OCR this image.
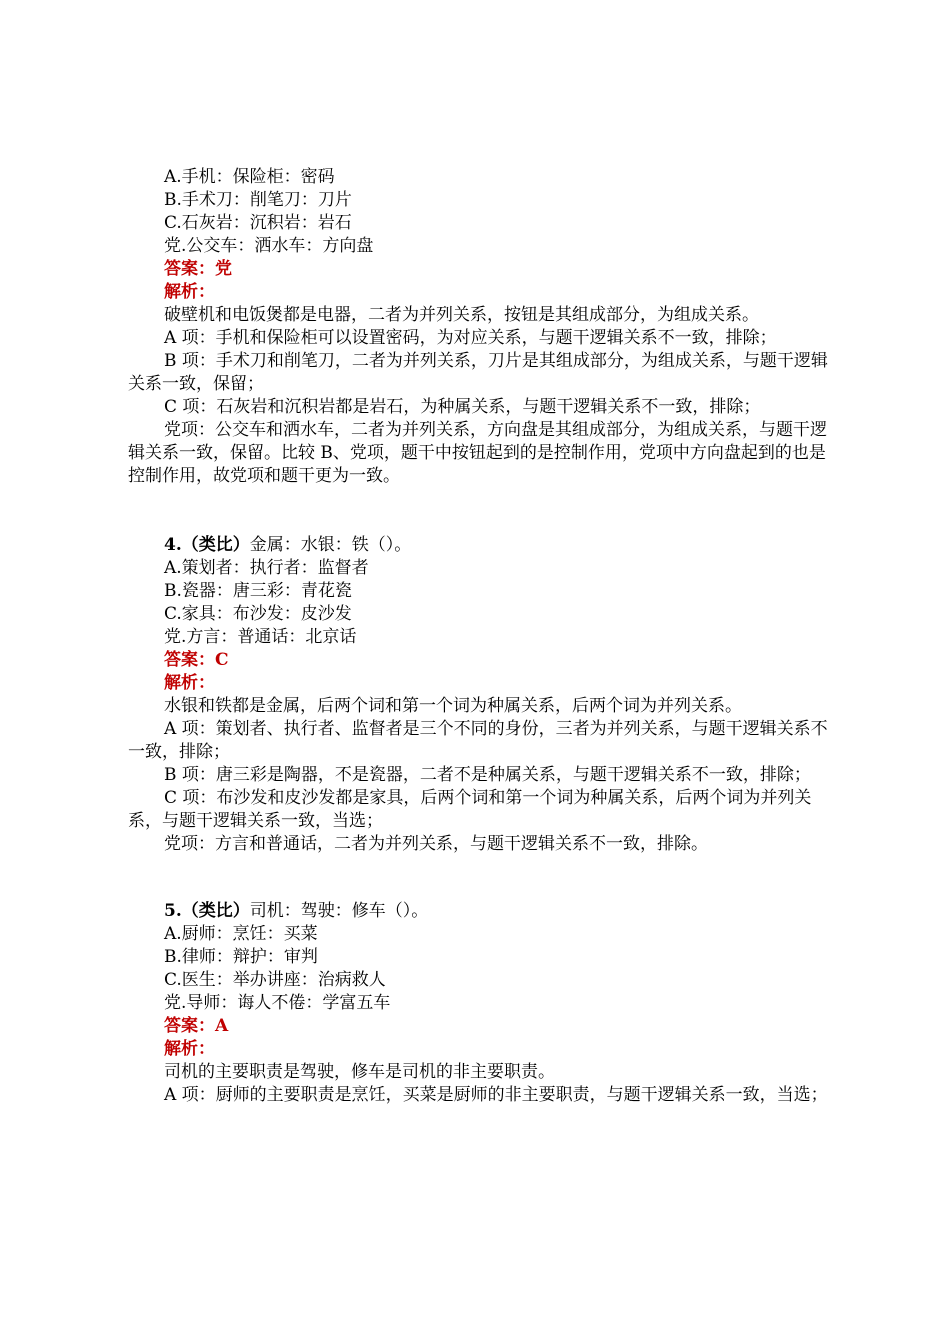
A.手机：保险柜：密码
B.手术刀：削笔刀：刀片
C.石灰岩：沉积岩：岩石
党.公交车：洒水车：方向盘
答案：党
解析：

破壁机和电饭煲都是电器，二者为并列关系，按钮是其组成部分，为组成关系。

A 项：手机和保险柜可以设置密码，为对应关系，与题干逻辑关系不一致，排除；

B 项：手术刀和削笔刀，二者为并列关系，刀片是其组成部分，为组成关系，与题干逻辑关系一致，保留；

C 项：石灰岩和沉积岩都是岩石，为种属关系，与题干逻辑关系不一致，排除；

党项：公交车和洒水车，二者为并列关系，方向盘是其组成部分，为组成关系，与题干逻辑关系一致，保留。比较 B、党项，题干中按钮起到的是控制作用，党项中方向盘起到的也是控制作用，故党项和题干更为一致。

4.（类比）金属：水银：铁（）。
A.策划者：执行者：监督者
B.瓷器：唐三彩：青花瓷
C.家具：布沙发：皮沙发
党.方言：普通话：北京话
答案：C
解析：

水银和铁都是金属，后两个词和第一个词为种属关系，后两个词为并列关系。

A 项：策划者、执行者、监督者是三个不同的身份，三者为并列关系，与题干逻辑关系不一致，排除；

B 项：唐三彩是陶器，不是瓷器，二者不是种属关系，与题干逻辑关系不一致，排除；

C 项：布沙发和皮沙发都是家具，后两个词和第一个词为种属关系，后两个词为并列关系，与题干逻辑关系一致，当选；

党项：方言和普通话，二者为并列关系，与题干逻辑关系不一致，排除。

5.（类比）司机：驾驶：修车（）。
A.厨师：烹饪：买菜
B.律师：辩护：审判
C.医生：举办讲座：治病救人
党.导师：诲人不倦：学富五车
答案：A
解析：

司机的主要职责是驾驶，修车是司机的非主要职责。

A 项：厨师的主要职责是烹饪，买菜是厨师的非主要职责，与题干逻辑关系一致，当选；
